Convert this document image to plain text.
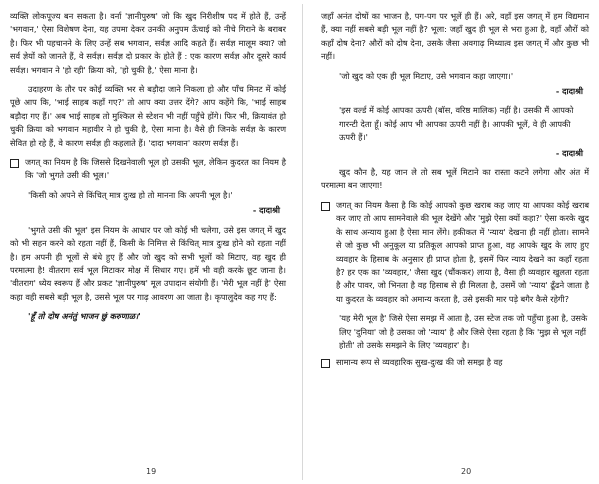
व्यक्ति लोकपूज्य बन सकता है। वर्ना 'ज्ञानीपुरुष' जो कि खुद निरीशीष पद में होते हैं, उन्हें 'भगवान,' ऐसा विशेषण देना, यह उपमा देकर उनकी अनुपम ऊँचाई को नीचे गिराने के बराबर है। फिर भी पहचानने के लिए उन्हें सब भगवान, सर्वज्ञ आदि कहते हैं। सर्वज्ञ मालूम क्या? जो सर्व ज्ञेयों को जानते हैं, वे सर्वज्ञ। सर्वज्ञ दो प्रकार के होते हैं : एक कारण सर्वज्ञ और दूसरे कार्य सर्वज्ञ। भगवान ने 'हो रही' क्रिया को, 'हो चुकी है,' ऐसा माना है।

उदाहरण के तौर पर कोई व्यक्ति भर से बड़ौदा जाने निकला हो और पाँच मिनट में कोई पूछे आप कि, 'भाई साहब कहाँ गए?' तो आप क्या उत्तर देंगे? आप कहेंगे कि, 'भाई साहब बड़ौदा गए हैं।' अब भाई साहब तो मुश्किल से स्टेशन भी नहीं पहुँचे होंगे। फिर भी, क्रियावंत हो चुकी क्रिया को भगवान महावीर ने हो चुकी है, ऐसा माना है। वैसे ही जिनके सर्वज्ञ के कारण सेवित हो रहे हैं, वे कारण सर्वज्ञ ही कहलाते हैं। 'दादा भगवान' कारण सर्वज्ञ हैं।

जगत् का नियम है कि जिससे दिखनेवाली भूल हो उसकी भूल, लेकिन कुदरत का नियम है कि 'जो भुगते उसी की भूल।'

'किसी को अपने से किंचित् मात्र दुःख हो तो मानना कि अपनी भूल है।'

- दादाश्री

'भुगते उसी की भूल' इस नियम के आधार पर जो कोई भी चलेगा, उसे इस जगत् में खुद को भी सहन करने को रहता नहीं हैं, किसी के निमित्त से किंचित् मात्र दुःख होने को रहता नहीं है। हम अपनी ही भूलों से बंधे हुए हैं और जो खुद को सभी भूलों को मिटाए, वह खुद ही परमात्मा है! वीतराग सर्व भूल मिटाकर मोक्ष में सिधार गए। हमें भी वही करके छूट जाना है। 'वीतराग' ध्येय स्वरूप हैं और प्रकट 'ज्ञानीपुरुष' मूल उपादान संयोगी हैं। 'मेरी भूल नहीं है' ऐसा कहा वही सबसे बड़ी भूल है, उससे भूल पर गाढ़ आवरण आ जाता है। कृपालुदेव कह गए हैं:

'हूँ तो दोष अनंतुं भाजन छुं करुणाळ।'

19

जहाँ अनंत दोषों का भाजन है, पग-पग पर भूलें ही हैं। अरे, वहाँ इस जगत् में हम विद्यमान हैं, क्या नहीं सबसे बड़ी भूल नहीं है? भूला: जहाँ खुद ही भूल से भरा हुआ है, वहाँ औरों को कहाँ दोष देना? औरों को दोष देना, उसके जैसा अवगाढ़ मिथ्यात्व इस जगत् में और कुछ भी नहीं।

'जो खुद को एक ही भूल मिटाए, उसे भगवान कहा जाएगा।'

- दादाश्री

'इस वर्ल्ड में कोई आपका ऊपरी (बॉस, वरिष्ठ मालिक) नहीं है। उसकी मैं आपको गारन्टी देता हूँ। कोई आप भी आपका ऊपरी नहीं है। आपकी भूलें, वे ही आपकी ऊपरी हैं।'

- दादाश्री

खुद कौन है, यह जान ले तो सब भूलें मिटाने का रास्ता कटने लगेगा और अंत में परमात्मा बन जाएगा!

जगत् का नियम कैसा है कि कोई आपको कुछ खराब कह जाए या आपका कोई खराब कर जाए तो आप सामनेवाले की भूल देखेंगे और 'मुझे ऐसा क्यों कहा?' ऐसा करके खुद के साथ अन्याय हुआ है ऐसा मान लेंगे। हकीकत में 'न्याय' देखना ही नहीं होता। सामने से जो कुछ भी अनुकूल या प्रतिकूल आपको प्राप्त हुआ, वह आपके खुद के लाए हुए व्यवहार के हिसाब के अनुसार ही प्राप्त होता है, इसमें फिर न्याय देखने का कहाँ रहता है? हर एक का 'व्यवहार,' जैसा खुद (चौंककर) लाया है, वैसा ही व्यवहार खुलता रहता है और पावर, जो भिनता है वह हिसाब से ही मिलता है, उसमें जो 'न्याय' ढूँढने जाता है या कुदरत के व्यवहार को अमान्य करता है, उसे इसकी मार पड़े बगैर कैसे रहेगी?

'यह मेरी भूल है' जिसे ऐसा समझ में आता है, उस स्टेज तक जो पहुँचा हुआ है, उसके लिए 'दुनिया' जो है उसका जो 'न्याय' है और जिसे ऐसा रहता है कि 'मुझ से भूल नहीं होती' तो उसके समझने के लिए 'व्यवहार' है।

सामान्य रूप से व्यवहारिक सुख-दुःख की जो समझ है वह
20
